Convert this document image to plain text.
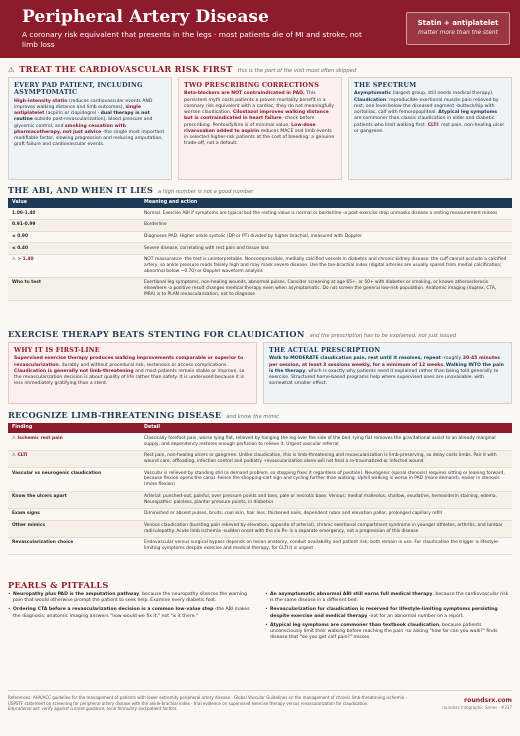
Peripheral Artery Disease
A coronary risk equivalent that presents in the legs · most patients die of MI and stroke, not limb loss
Statin + antiplatelet
matter more than the stent
⚠ TREAT THE CARDIOVASCULAR RISK FIRST this is the part of the visit most often skipped
EVERY PAD PATIENT, INCLUDING ASYMPTOMATIC
High-intensity statin (reduces cardiovascular events AND improves walking distance and limb outcomes), single antiplatelet (aspirin or clopidogrel - dual therapy is not routine outside post-revascularization), blood pressure and glycemic control, and smoking cessation with pharmacotherapy, not just advice -the single most important modifiable factor, slowing progression and reducing amputation, graft failure and cardiovascular events.
TWO PRESCRIBING CORRECTIONS
Beta-blockers are NOT contraindicated in PAD. This persistent myth costs patients a proven mortality benefit in a coronary risk equivalent with a cardiac; they do not meaningfully worsen claudication. Cilostazol improves walking distance but is contraindicated in heart failure -check before prescribing. Pentoxifylline is of minimal value. Low-dose rivaroxaban added to aspirin reduces MACE and limb events in selected higher-risk patients at the cost of bleeding: a genuine trade-off, not a default.
THE SPECTRUM
Asymptomatic (largest group, still needs medical therapy). Claudication: reproducible exertional muscle pain relieved by rest, one level below the diseased segment -buttock/hip with aortoiliac, calf with femoropopliteal. Atypical leg symptoms are commoner than classic claudication in older and diabetic patients who limit walking first. CLTI: rest pain, non-healing ulcer or gangrene.
THE ABI, AND WHEN IT LIES a high number is not a good number
Value	Meaning and action
1.00-1.40	Normal. Exercise ABI if symptoms are typical but the resting value is normal or borderline -a post-exercise drop unmasks disease a resting measurement misses
0.91-0.99	Borderline
≤ 0.90	Diagnoses PAD. Higher ankle systolic (DP or PT) divided by higher brachial, measured with Doppler
≤ 0.40	Severe disease, correlating with rest pain and tissue loss
⚠ > 1.40	NOT reassurance -the test is uninterpretable. Noncompressible, medially calcified vessels in diabetes and chronic kidney disease: the cuff cannot occlude a calcified artery, so ankle pressure reads falsely high and may mask severe disease. Use the toe-brachial index (digital arteries are usually spared from medial calcification; abnormal below ~0.70) or Doppler waveform analysis
Who to test	Exertional leg symptoms, non-healing wounds, abnormal pulses. Consider screening at age 65+, or 50+ with diabetes or smoking, or known atherosclerosis elsewhere -a positive result changes medical therapy even when asymptomatic. Do not screen the general low-risk population. Anatomic imaging (duplex, CTA, MRA) is to PLAN revascularization, not to diagnose
EXERCISE THERAPY BEATS STENTING FOR CLAUDICATION and the prescription has to be explained, not just issued
WHY IT IS FIRST-LINE
Supervised exercise therapy produces walking improvements comparable or superior to revascularization, durably and without procedural risk, restenosis or access complications. Claudication is generally not limb-threatening and most patients remain stable or improve, so the revascularization decision is about quality of life rather than safety. It is underused because it is less immediately gratifying than a stent.
THE ACTUAL PRESCRIPTION
Walk to MODERATE claudication pain, rest until it resolves, repeat -roughly 30-45 minutes per session, at least 3 sessions weekly, for a minimum of 12 weeks. Walking INTO the pain is the therapy, which is exactly why patients need it explained rather than being told generally to exercise. Structured home-based programs help where supervised ones are unavailable, with somewhat smaller effect.
RECOGNIZE LIMB-THREATENING DISEASE and know the mimic
Finding	Detail
⚠ Ischemic rest pain	Classically forefoot pain, worse lying flat, relieved by hanging the leg over the side of the bed -lying flat removes the gravitational assist to an already marginal supply, and dependency restores enough perfusion to relieve it. Urgent vascular referral
⚠ CLTI	Rest pain, non-healing ulcers or gangrene. Unlike claudication, this is limb-threatening and revascularization is limb-preserving, so delay costs limbs. Pair it with wound care, offloading, infection control and podiatry -revascularization alone will not heal a re-traumatized or infected wound
Vascular vs neurogenic claudication	Vascular is relieved by standing still (a demand problem, so stopping fixes it regardless of position). Neurogenic (spinal stenosis) requires sitting or leaning forward, because flexion opens the canal -hence the shopping-cart sign and cycling further than walking. Uphill walking is worse in PAD (more demand), easier in stenosis (more flexion)
Know the ulcers apart	Arterial: punched-out, painful, over pressure points and toes, pale or necrotic base. Venous: medial malleolus, shallow, exudative, hemosiderin staining, edema. Neuropathic: painless, plantar pressure points, in diabetics
Exam signs	Diminished or absent pulses, bruits, cool skin, hair loss, thickened nails, dependent rubor and elevation pallor, prolonged capillary refill
Other mimics	Venous claudication (bursting pain relieved by elevation, opposite of arterial), chronic exertional compartment syndrome in younger athletes, arthritis, and lumbar radiculopathy. Acute limb ischemia -sudden onset with the six Ps- is a separate emergency, not a progression of this disease
Revascularization choice	Endovascular versus surgical bypass depends on lesion anatomy, conduit availability and patient risk; both remain in use. For claudication the trigger is lifestyle-limiting symptoms despite exercise and medical therapy; for CLTI it is urgent
PEARLS & PITFALLS
• Neuropathy plus PAD is the amputation pathway, because the neuropathy silences the warning pain that would otherwise prompt the patient to seek help. Examine every diabetic foot.
• Ordering CTA before a revascularization decision is a common low-value step -the ABI makes the diagnosis; anatomic imaging answers "how would we fix it," not "is it there."
• An asymptomatic abnormal ABI still earns full medical therapy, because the cardiovascular risk is the same disease in a different bed.
• Revascularization for claudication is reserved for lifestyle-limiting symptoms persisting despite exercise and medical therapy -not for an abnormal number on a report.
• Atypical leg symptoms are commoner than textbook claudication, because patients unconsciously limit their walking before reaching the pain -so asking "how far can you walk?" finds disease that "do you get calf pain?" misses.
References: AHA/ACC guideline for the management of patients with lower extremity peripheral artery disease · Global Vascular Guidelines on the management of chronic limb-threatening ischemia · USPSTF statement on screening for peripheral artery disease with the ankle-brachial index · trial evidence on supervised exercise therapy versus revascularization for claudication.
Educational aid: verify against current guidance, local formulary and patient factors.
roundsrx.com
roundsrx Infographic Series · #237
